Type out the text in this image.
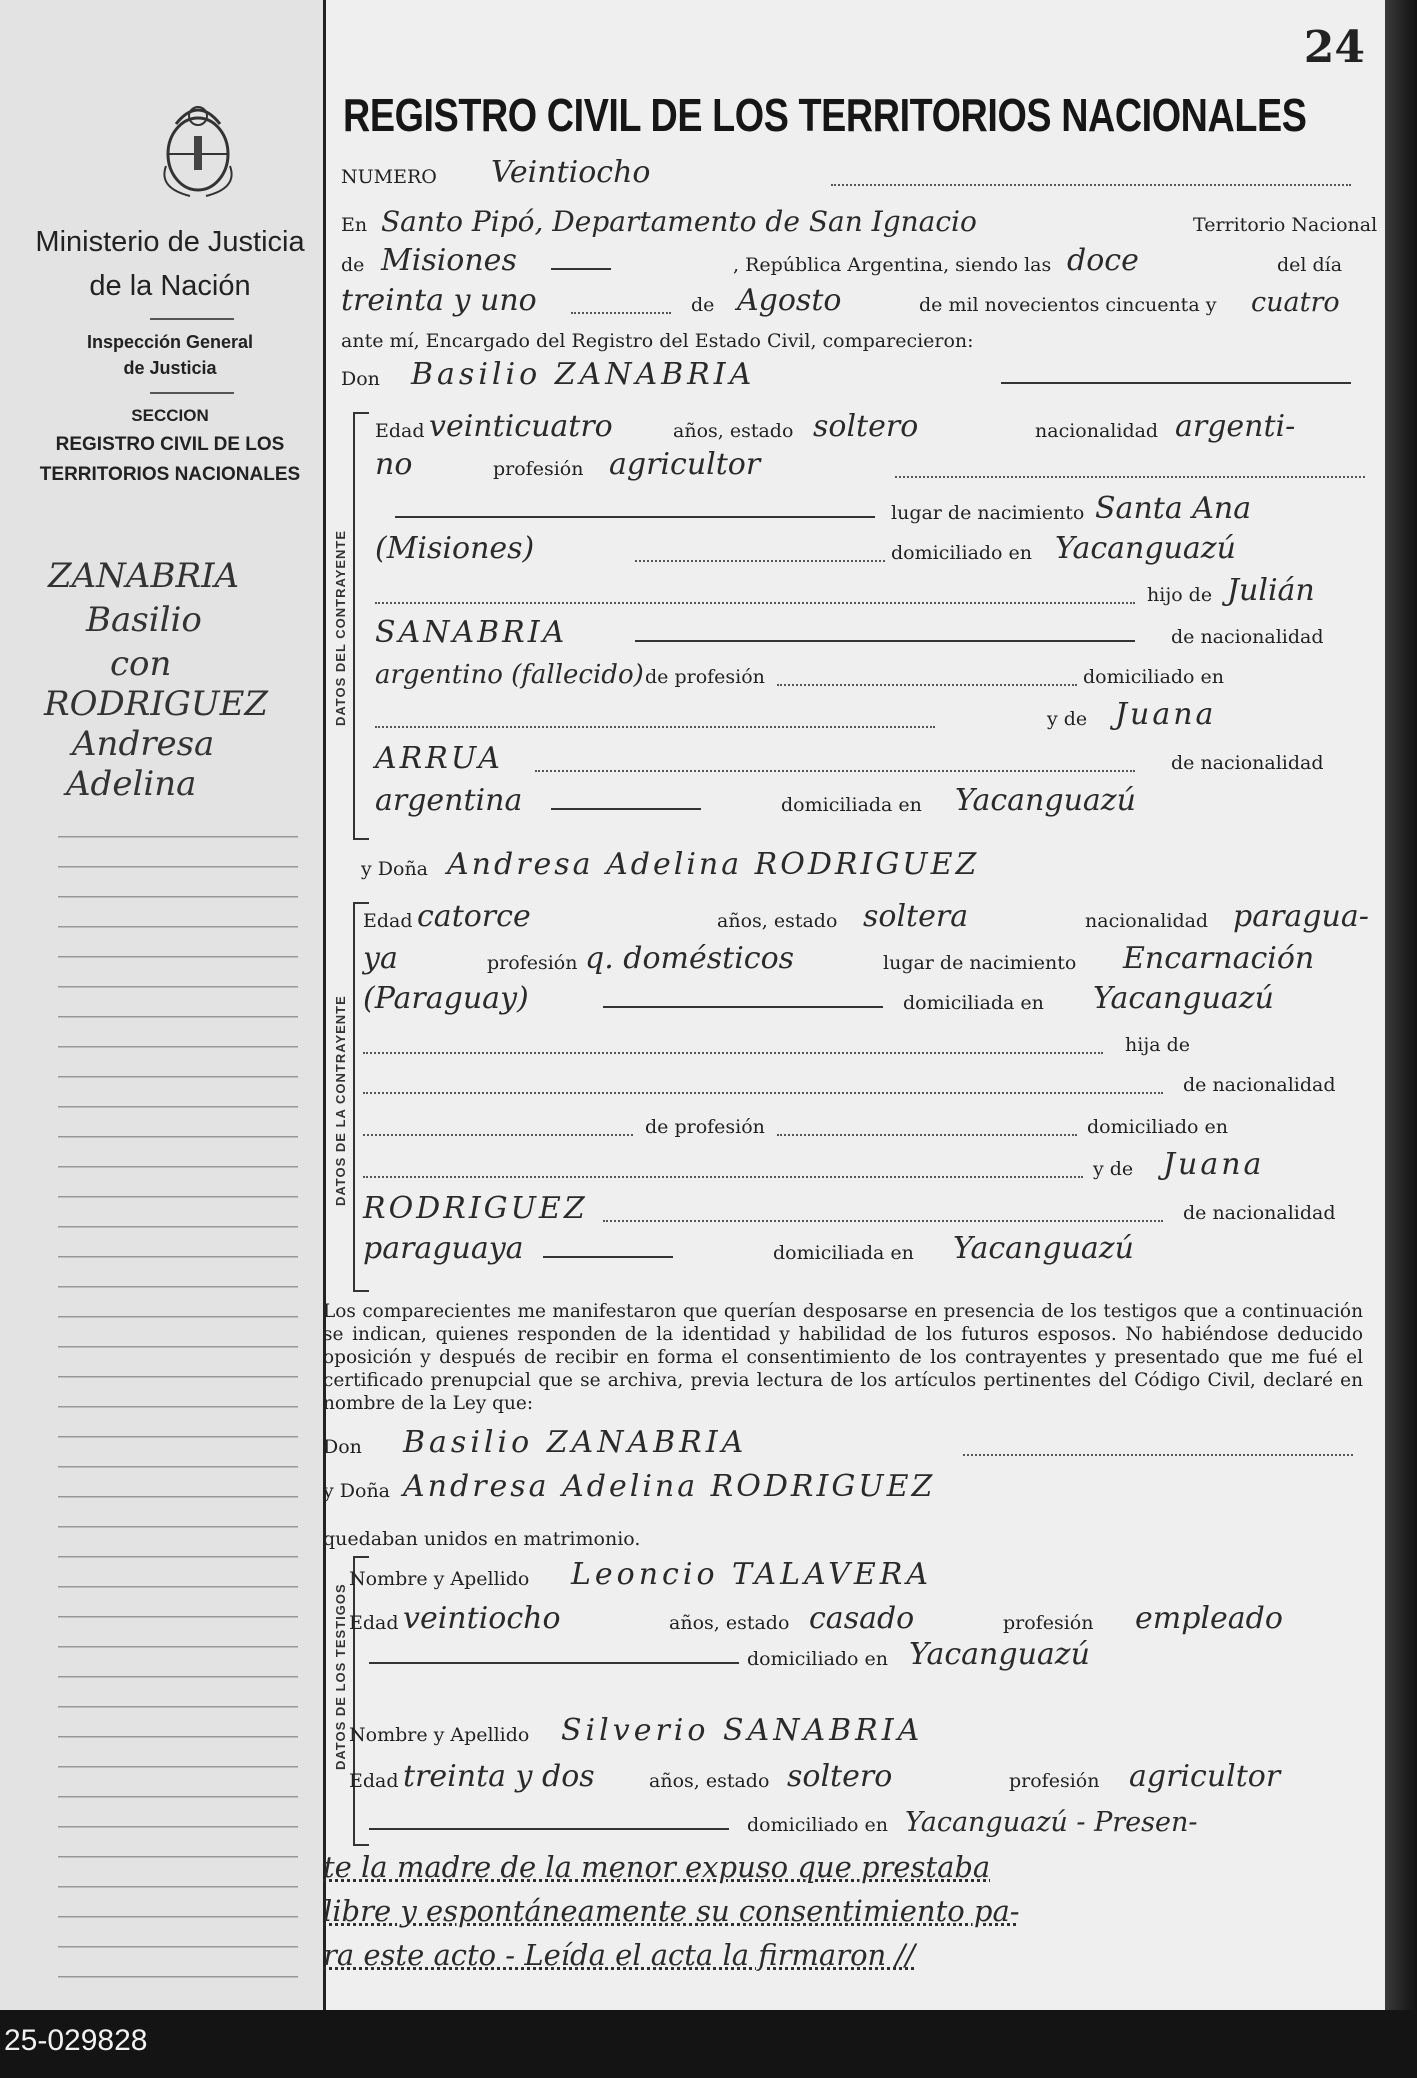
Ministerio de Justicia
de la Nación
Inspección General
de Justicia
SECCION
REGISTRO CIVIL DE LOS
TERRITORIOS NACIONALES
ZANABRIA
Basilio
con
RODRIGUEZ
Andresa
Adelina
24
REGISTRO CIVIL DE LOS TERRITORIOS NACIONALES
NUMERO Veintiocho
En Santo Pipó, Departamento de San Ignacio	Territorio Nacional
de Misiones	, República Argentina, siendo las doce	del día
treinta y uno	de Agosto	de mil novecientos cincuenta y cuatro
ante mí, Encargado del Registro del Estado Civil, comparecieron:
Don Basilio ZANABRIA
DATOS DEL CONTRAYENTE
Edad veinticuatro	años, estado soltero	nacionalidad argenti-
no	profesión agricultor
lugar de nacimiento Santa Ana
(Misiones)	domiciliado en Yacanguazú
hijo de Julián
SANABRIA	de nacionalidad
argentino (fallecido) de profesión	domiciliado en
y de Juana
ARRUA	de nacionalidad
argentina	domiciliada en Yacanguazú
y Doña Andresa Adelina RODRIGUEZ
DATOS DE LA CONTRAYENTE
Edad catorce	años, estado soltera	nacionalidad paragua-
ya	profesión q. domésticos	lugar de nacimiento Encarnación
(Paraguay)	domiciliada en Yacanguazú
hija de
de nacionalidad
de profesión	domiciliado en
y de Juana
RODRIGUEZ	de nacionalidad
paraguaya	domiciliada en Yacanguazú
Los comparecientes me manifestaron que querían desposarse en presencia de los testigos que a continuación se indican, quienes responden de la identidad y habilidad de los futuros esposos. No habiéndose deducido oposición y después de recibir en forma el consentimiento de los contrayentes y presentado que me fué el certificado prenupcial que se archiva, previa lectura de los artículos pertinentes del Código Civil, declaré en nombre de la Ley que:
Don Basilio ZANABRIA
y Doña Andresa Adelina RODRIGUEZ
quedaban unidos en matrimonio.
DATOS DE LOS TESTIGOS
Nombre y Apellido Leoncio TALAVERA
Edad veintiocho	años, estado casado	profesión empleado
domiciliado en Yacanguazú
Nombre y Apellido Silverio SANABRIA
Edad treinta y dos	años, estado soltero	profesión agricultor
domiciliado en Yacanguazú - Presen-
te la madre de la menor expuso que prestaba
libre y espontáneamente su consentimiento pa-
ra este acto - Leída el acta la firmaron //
25-029828
